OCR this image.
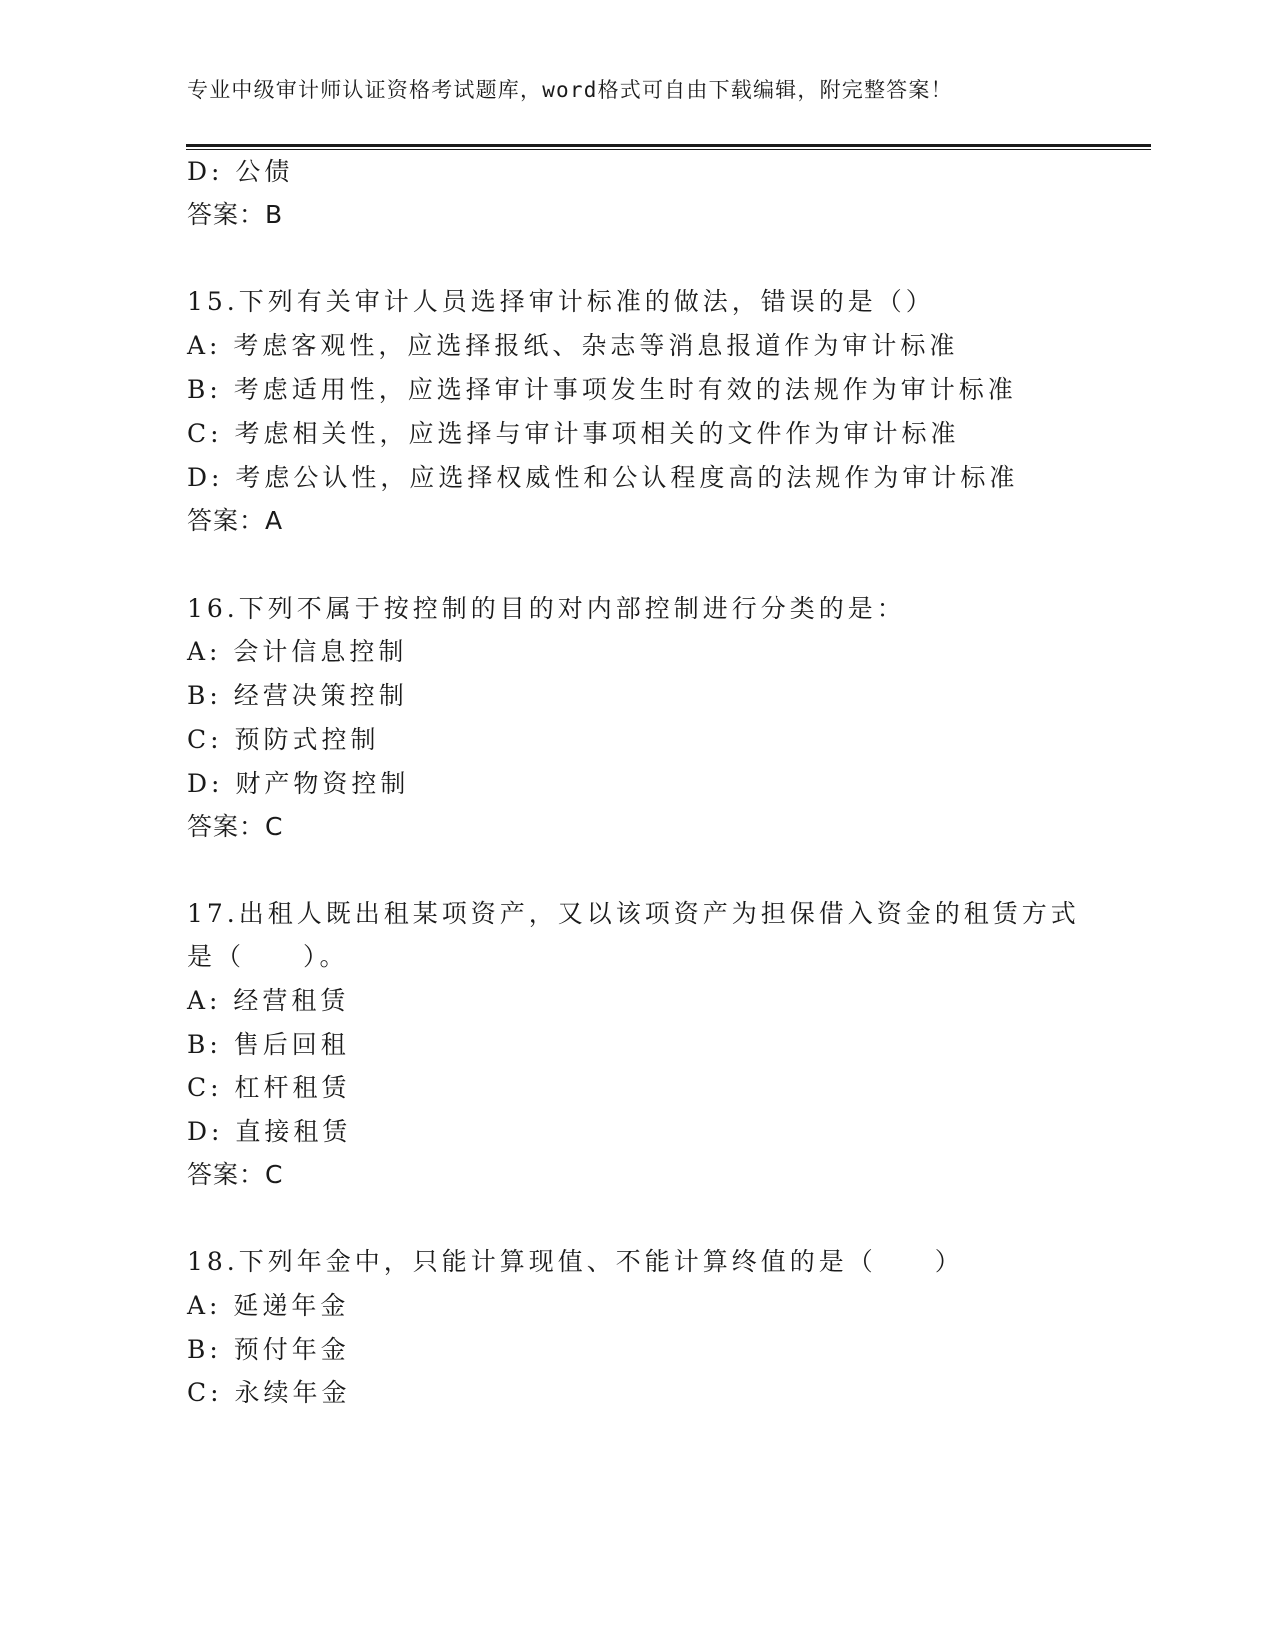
专业中级审计师认证资格考试题库，word格式可自由下载编辑，附完整答案！
D: 公债
答案：B
15.下列有关审计人员选择审计标准的做法，错误的是（）
A: 考虑客观性，应选择报纸、杂志等消息报道作为审计标准
B: 考虑适用性，应选择审计事项发生时有效的法规作为审计标准
C: 考虑相关性，应选择与审计事项相关的文件作为审计标准
D: 考虑公认性，应选择权威性和公认程度高的法规作为审计标准
答案：A
16.下列不属于按控制的目的对内部控制进行分类的是：
A: 会计信息控制
B: 经营决策控制
C: 预防式控制
D: 财产物资控制
答案：C
17.出租人既出租某项资产，又以该项资产为担保借入资金的租赁方式
是（　　）。
A: 经营租赁
B: 售后回租
C: 杠杆租赁
D: 直接租赁
答案：C
18.下列年金中，只能计算现值、不能计算终值的是（　　）
A: 延递年金
B: 预付年金
C: 永续年金
